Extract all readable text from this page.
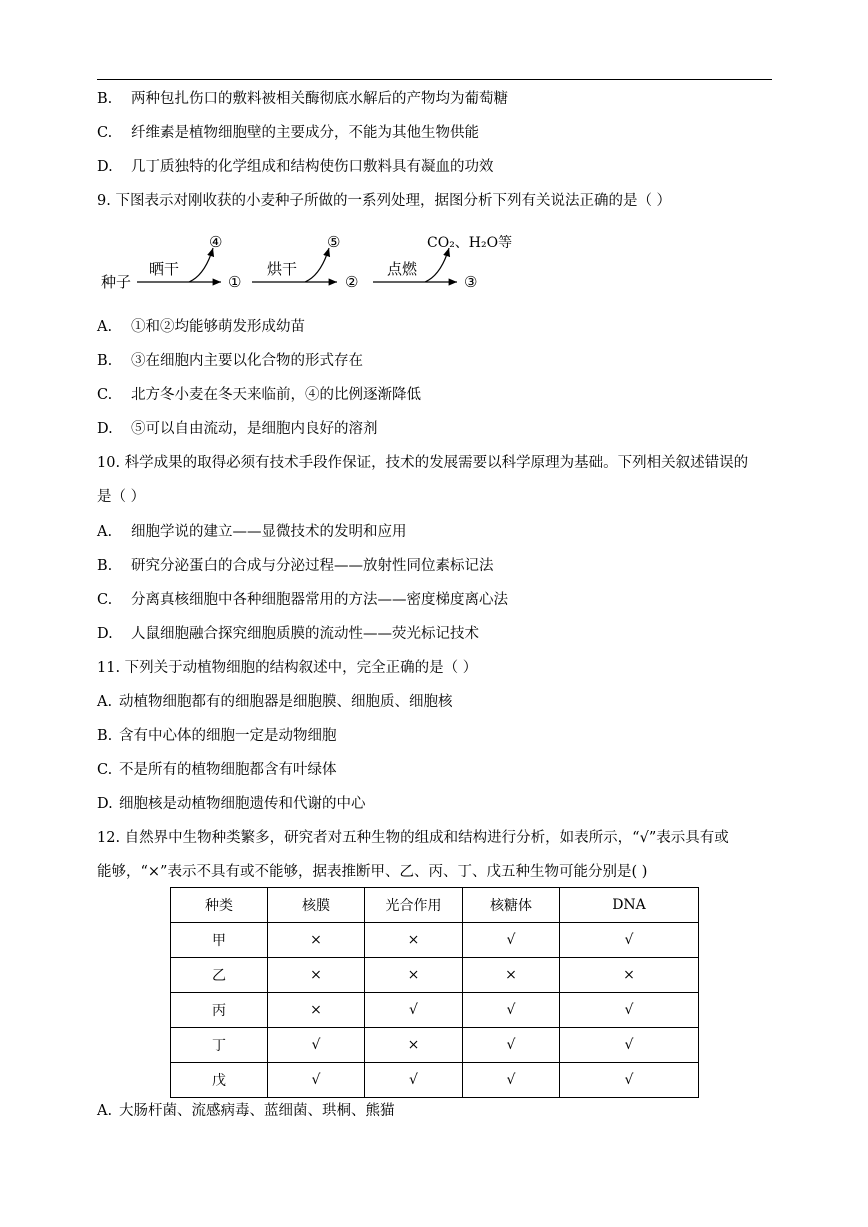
B. 两种包扎伤口的敷料被相关酶彻底水解后的产物均为葡萄糖
C. 纤维素是植物细胞壁的主要成分，不能为其他生物供能
D. 几丁质独特的化学组成和结构使伤口敷料具有凝血的功效
9. 下图表示对刚收获的小麦种子所做的一系列处理，据图分析下列有关说法正确的是（ ）
种子
晒干
④
①
烘干
⑤
②
点燃
CO₂、H₂O等
③
A. ①和②均能够萌发形成幼苗
B. ③在细胞内主要以化合物的形式存在
C. 北方冬小麦在冬天来临前，④的比例逐渐降低
D. ⑤可以自由流动，是细胞内良好的溶剂
10. 科学成果的取得必须有技术手段作保证，技术的发展需要以科学原理为基础。下列相关叙述错误的
是（ ）
A. 细胞学说的建立——显微技术的发明和应用
B. 研究分泌蛋白的合成与分泌过程——放射性同位素标记法
C. 分离真核细胞中各种细胞器常用的方法——密度梯度离心法
D. 人鼠细胞融合探究细胞质膜的流动性——荧光标记技术
11. 下列关于动植物细胞的结构叙述中，完全正确的是（ ）
A. 动植物细胞都有的细胞器是细胞膜、细胞质、细胞核
B. 含有中心体的细胞一定是动物细胞
C. 不是所有的植物细胞都含有叶绿体
D. 细胞核是动植物细胞遗传和代谢的中心
12. 自然界中生物种类繁多，研究者对五种生物的组成和结构进行分析，如表所示，“√”表示具有或
能够，“×”表示不具有或不能够，据表推断甲、乙、丙、丁、戊五种生物可能分别是( )
种类	核膜	光合作用	核糖体	DNA
甲	×	×	√	√
乙	×	×	×	×
丙	×	√	√	√
丁	√	×	√	√
戊	√	√	√	√
A. 大肠杆菌、流感病毒、蓝细菌、珙桐、熊猫
